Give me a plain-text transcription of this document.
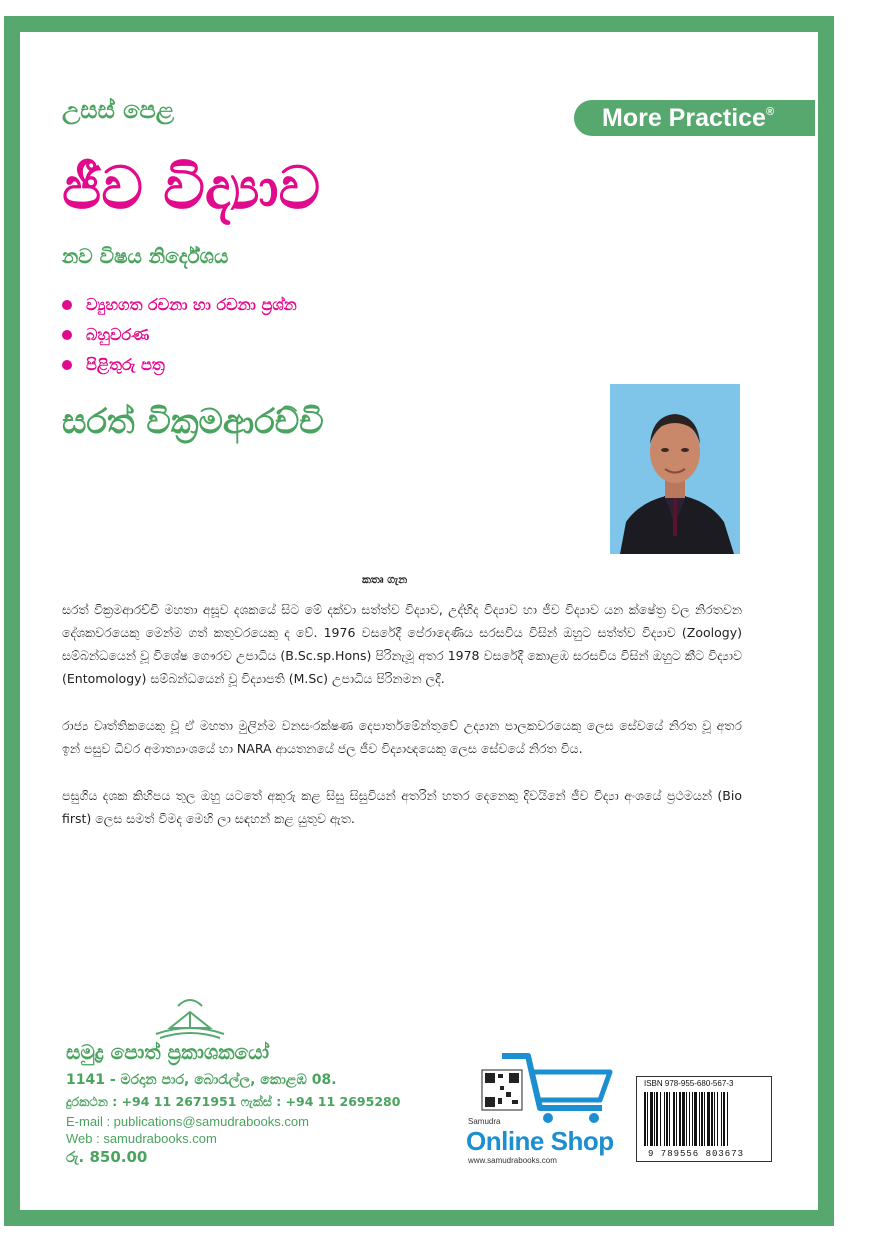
More Practice®
උසස් පෙළ
ජීව විද්‍යාව
නව විෂය නිර්දේශය
ව්‍යුහගත රචනා හා රචනා ප්‍රශ්න
බහුවරණ
පිළිතුරු පත්‍ර
සරත් වික්‍රමආරච්චි
කතෘ ගැන

සරත් වික්‍රමආරච්චි මහතා අසූව දශකයේ සිට මේ දක්වා සත්ත්ව විද්‍යාව, උද්භිද විද්‍යාව හා ජීව විද්‍යාව යන ක්ෂේත්‍ර වල නිරතවන දේශකවරයෙකු මෙන්ම ගත් කතුවරයෙකු ද වේ. 1976 වසරේදී පේරාදෙණිය සරසවිය විසින් ඔහුට සත්ත්ව විද්‍යාව (Zoology) සම්බන්ධයෙන් වූ විශේෂ ගෞරව උපාධිය (B.Sc.sp.Hons) පිරිනැමූ අතර 1978 වසරේදී කොළඹ සරසවිය විසින් ඔහුට කීට විද්‍යාව (Entomology) සම්බන්ධයෙන් වූ විද්‍යාපති (M.Sc) උපාධිය පිරිනමන ලදී.

රාජ්‍ය වෘත්තිකයෙකු වූ ඒ මහතා මුලින්ම වනසංරක්ෂණ දෙපාර්තමේන්තුවේ උද්‍යාන පාලකවරයෙකු ලෙස සේවයේ නිරත වූ අතර ඉන් පසුව ධීවර අමාත්‍යාංශයේ හා NARA ආයතනයේ ජල ජීව විද්‍යාඥයෙකු ලෙස සේවයේ නිරත විය.

පසුගිය දශක කිහිපය තුල ඔහු යටතේ අකුරු කළ සිසු සිසුවියන් අතරින් හතර දෙනෙකු දිවයිනේ ජීව විද්‍යා අංශයේ ප්‍රථමයන් (Bio first) ලෙස සමත් වීමද මෙහි ලා සඳහන් කළ යුතුව ඇත.

සමුද්‍ර පොත් ප්‍රකාශකයෝ
1141 - මරදාන පාර, බොරැල්ල, කොළඹ 08.
දුරකථන : +94 11 2671951 ෆැක්ස් : +94 11 2695280
E-mail : publications@samudrabooks.com
Web : samudrabooks.com
රු. 850.00
Samudra
Online Shop
www.samudrabooks.com
ISBN 978-955-680-567-3
9 789556 803673
